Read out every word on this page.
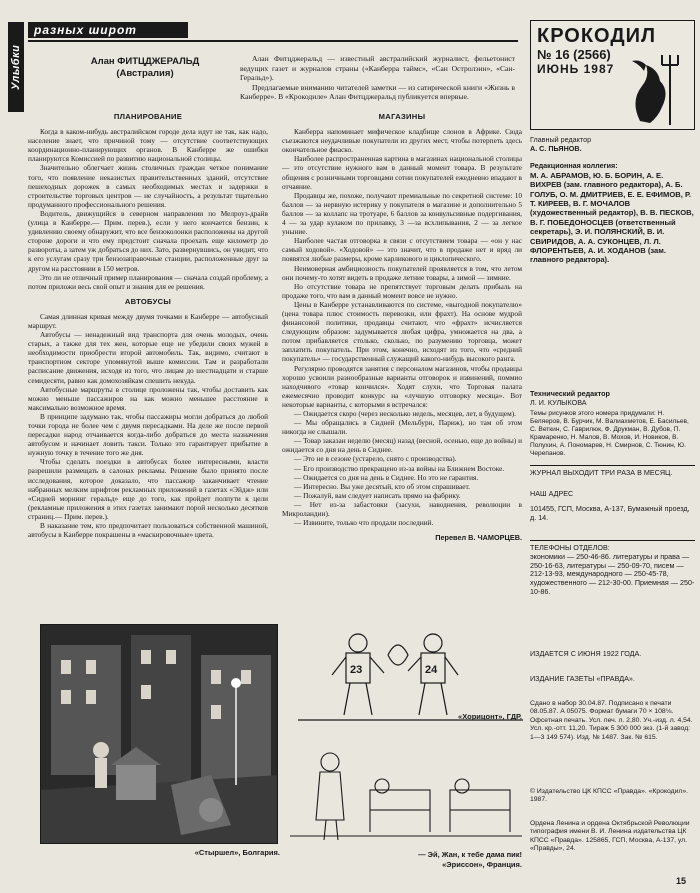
Улыбки
разных широт
Алан ФИТЦДЖЕРАЛЬД
(Австралия)

Алан Фитцджеральд — известный австралийский журналист, фельетонист ведущих газет и журналов страны («Канберра таймс», «Сан Остролэин», «Сан-Геральд»).

Предлагаемые вниманию читателей заметки — из сатирической книги «Жизнь в Канберре». В «Крокодиле» Алан Фитцджеральд публикуется впервые.

ПЛАНИРОВАНИЕ

Когда в каком-нибудь австралийском городе дела идут не так, как надо, население знает, что причиной тому — отсутствие соответствующих координационно-планирующих органов. В Канберре же ошибки планируются Комиссией по развитию национальной столицы.

Значительно облегчает жизнь столичных граждан четкое понимание того, что появление неказистых правительственных зданий, отсутствие пешеходных дорожек в самых необходимых местах и задержки в строительстве торговых центров — не случайность, а результат тщательно продуманного профессионального решения.

Водитель, движущийся в северном направлении по Мелроуз-драйв (улица в Канберре.— Прим. перев.), если у него кончается бензин, к удивлению своему обнаружит, что все бензоколонки расположены на другой стороне дороги и что ему предстоит сначала проехать еще километр до развороты, а затем уж добраться до них. Зато, развернувшись, он увидит, что к его услугам сразу три бензозаправочные станции, расположенные друг за другом на расстоянии в 150 метров.

Это ли не отличный пример планирования — сначала создай проблему, а потом приложи весь свой опыт и знания для ее решения.

АВТОБУСЫ

Самая длинная кривая между двумя точками в Канберре — автобусный маршрут.

Автобусы — ненадежный вид транспорта для очень молодых, очень старых, а также для тех жен, которые еще не убедили своих мужей в необходимости приобрести второй автомобиль. Так, видимо, считают в транспортном секторе упомянутой выше комиссии. Там и разработали расписание движения, исходя из того, что лицам до шестнадцати и старше семидесяти, равно как домохозяйкам спешить некуда.

Автобусные маршруты в столице проложены так, чтобы доставить как можно меньше пассажиров на как можно меньшее расстояние в максимально возможное время.

В принципе задумано так, чтобы пассажиры могли добраться до любой точки города не более чем с двумя пересадками. На деле же после первой пересадки народ отчаивается когда-либо добраться до места назначения автобусом и начинает ловить такси. Только это гарантирует прибытие в нужную точку в течение того же дня.

Чтобы сделать поездки в автобусах более интересными, власти разрешили размещать в салонах рекламы. Решение было принято после исследования, которое доказало, что пассажир заканчивает чтение набранных мелким шрифтом рекламных приложений в газетах «Эйдж» или «Сидней морнинг геральд» еще до того, как пройдет полпути к цели (рекламные приложения в этих газетах занимают порой несколько десятков страниц.— Прим. перев.).

В наказание тем, кто предпочитает пользоваться собственной машиной, автобусы в Канберре покрашены в «маскировочные» цвета.

МАГАЗИНЫ

Канберра напоминает мифическое кладбище слонов в Африке. Сюда съезжаются неудачливые покупатели из других мест, чтобы потерпеть здесь окончательное фиаско.

Наиболее распространенная картина в магазинах национальной столицы — это отсутствие нужного вам в данный момент товара. В результате общения с розничными торговцами сотни покупателей ежедневно впадают в отчаяние.

Продавцы же, похоже, получают премиальные по секретной системе: 10 баллов — за нервную истерику у покупателя в магазине и дополнительно 5 баллов — за коллапс на тротуаре, 6 баллов за конвульсивные подергивания, 4 — за удар кулаком по прилавку, 3 —за всхлипывания, 2 — за легкое уныние.

Наиболее частая отговорка в связи с отсутствием товара — «он у нас самый ходовой». «Ходовой» — это значит, что в продаже нет и вряд ли появятся любые размеры, кроме карликового и циклопического.

Неимоверная амбициозность покупателей проявляется в том, что летом они почему-то хотят видеть в продаже летние товары, а зимой — зимние.

Но отсутствие товара не препятствует торговым делать прибыль на продаже того, что вам в данный момент вовсе не нужно.

Цены в Канберре устанавливаются по системе, «выгодной покупателю» (цена товара плюс стоимость перевозки, или фрахт). На основе мудрой финансовой политики, продавцы считают, что «фрахт» исчисляется следующим образом: задумывается любая цифра, умножается на два, а потом прибавляется столько, сколько, по разумению торговца, может заплатить покупатель. При этом, конечно, исходят из того, что «средний покупатель» — государственный служащий какого-нибудь высокого ранга.

Регулярно проводятся занятия с персоналом магазинов, чтобы продавцы хорошо усвоили разнообразные варианты отговорок и извинений, поммио находчивого «товар кончился». Ходят слухи, что Торговая палата ежемесячно проводит конкурс на «лучшую отговорку месяца». Вот некоторые варианты, с которыми я встречался:

— Ожидается скоро (через несколько недель, месяцев, лет, в будущем).

— Мы обращались в Сидней (Мельбурн, Париж), но там об этом никогда не слышали.

— Товар заказан неделю (месяц) назад (весной, осенью, еще до войны) и ожидается со дня на день в Сиднее.

— Это не в сезоне (устарело, снято с производства).

— Его производство прекращено из-за войны на Ближнем Востоке.

— Ожидается со дня на день в Сиднее. Но это не гарантия.

— Интересно. Вы уже десятый, кто об этом спрашивает.

— Пожалуй, вам следует написать прямо на фабрику.

— Нет из-за забастовки (засухи, наводнения, революции в Микроландии).

— Извините, только что продали последний.

Перевел В. ЧАМОРЦЕВ.
«Стыршел», Болгария.
23	24
«Хорицонт», ГДР.
— Эй, Жан, к тебе дама пик!
«Эриссон», Франция.
КРОКОДИЛ
№ 16 (2566)
ИЮНЬ 1987
Главный редактор
А. С. ПЬЯНОВ.
Редакционная коллегия:
М. А. АБРАМОВ, Ю. Б. БОРИН, А. Е. ВИХРЕВ (зам. главного редактора), А. Б. ГОЛУБ, О. М. ДМИТРИЕВ, Е. Е. ЕФИМОВ, Р. Т. КИРЕЕВ, В. Г. МОЧАЛОВ (художественный редактор), В. В. ПЕСКОВ, В. Г. ПОБЕДОНОСЦЕВ (ответственный секретарь), Э. И. ПОЛЯНСКИЙ, В. И. СВИРИДОВ, А. А. СУКОНЦЕВ, Л. Л. ФЛОРЕНТЬЕВ, А. И. ХОДАНОВ (зам. главного редактора).
Технический редактор
Л. И. КУЛЫКОВА
Темы рисунков этого номера придумали: Н. Беляеров, В. Бурчик, М. Валиахметов, Е. Басильев, С. Веткин, С. Гаврилюк, Ф. Друкман, В. Дубов, П. Крамаренко, Н. Малов, В. Мохов, И. Новиков, В. Полухин, А. Пономарев, Н. Смирнов, С. Тюнин, Ю. Черепанов.
ЖУРНАЛ ВЫХОДИТ ТРИ РАЗА В МЕСЯЦ.
НАШ АДРЕС
101455, ГСП, Москва, А-137, Бумажный проезд, д. 14.
ТЕЛЕФОНЫ ОТДЕЛОВ:
экономики — 250-46-86. литературы и права — 250-16-63, литературы — 250-09-70, писем — 212-13-93, международного — 250-45-78, художественного — 212-30-00. Приемная — 250-10-86.
ИЗДАЕТСЯ С ИЮНЯ 1922 ГОДА.
ИЗДАНИЕ ГАЗЕТЫ «ПРАВДА».
Сдано в набор 30.04.87. Подписано к печати 08.05.87. А 05075. Формат бумаги 70 × 108⅛. Офсетная печать. Усл. печ. л. 2,80. Уч.-изд. л. 4,54. Усл. кр.-отт. 11,20. Тираж 5 300 000 экз. (1-й завод: 1—3 149 574). Изд. № 1487. Зак. № 615.
© Издательство ЦК КПСС «Правда». «Крокодил». 1987.
Ордена Ленина и ордена Октябрьской Революции типография имени В. И. Ленина издательства ЦК КПСС «Правда». 125865, ГСП, Москва, А-137, ул. «Правды», 24.
15
